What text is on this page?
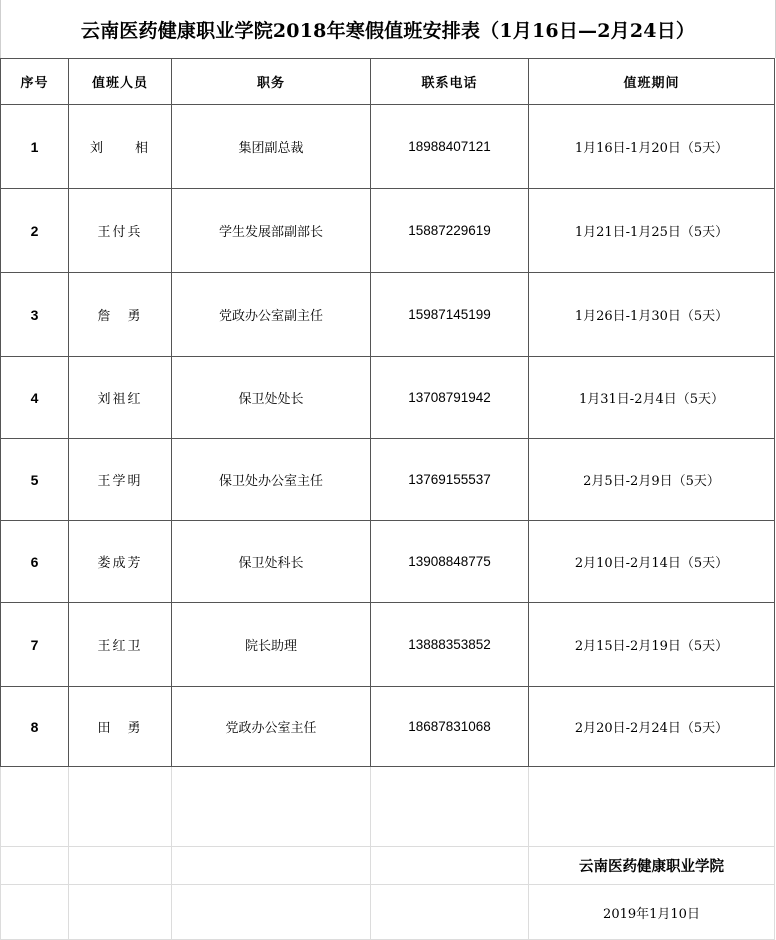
云南医药健康职业学院2018年寒假值班安排表（1月16日—2月24日）
序号	值班人员	职务	联系电话	值班期间
1	刘　　相	集团副总裁	18988407121	1月16日-1月20日（5天）
2	王付兵	学生发展部副部长	15887229619	1月21日-1月25日（5天）
3	詹　勇	党政办公室副主任	15987145199	1月26日-1月30日（5天）
4	刘祖红	保卫处处长	13708791942	1月31日-2月4日（5天）
5	王学明	保卫处办公室主任	13769155537	2月5日-2月9日（5天）
6	娄成芳	保卫处科长	13908848775	2月10日-2月14日（5天）
7	王红卫	院长助理	13888353852	2月15日-2月19日（5天）
8	田　勇	党政办公室主任	18687831068	2月20日-2月24日（5天）

				云南医药健康职业学院
				2019年1月10日
